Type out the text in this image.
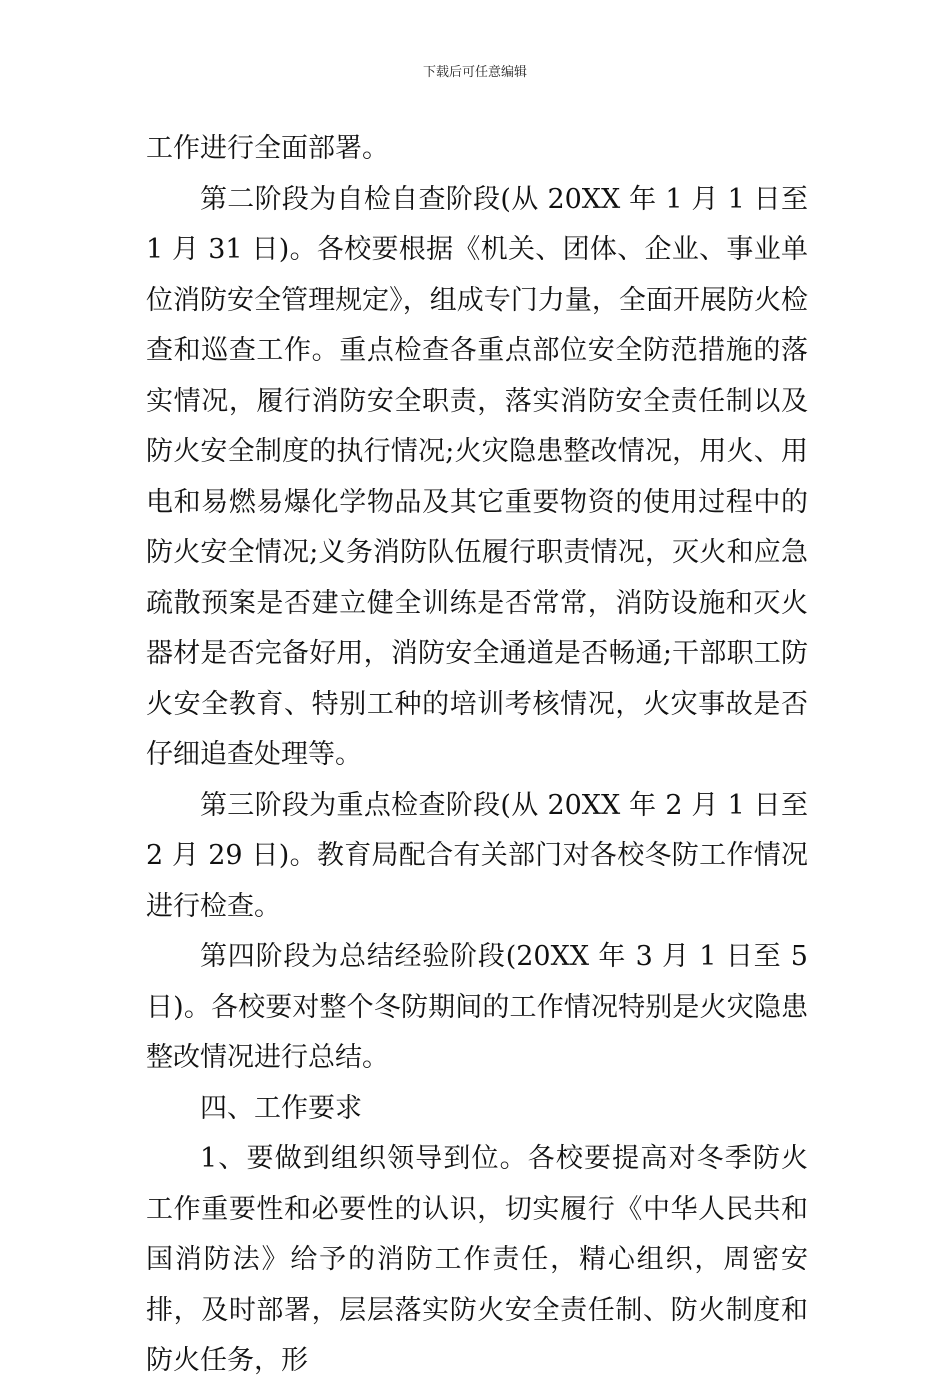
下载后可任意编辑

工作进行全面部署。

第二阶段为自检自查阶段(从 20XX 年 1 月 1 日至 1 月 31 日)。各校要根据《机关、团体、企业、事业单位消防安全管理规定》，组成专门力量，全面开展防火检查和巡查工作。重点检查各重点部位安全防范措施的落实情况，履行消防安全职责，落实消防安全责任制以及防火安全制度的执行情况;火灾隐患整改情况，用火、用电和易燃易爆化学物品及其它重要物资的使用过程中的防火安全情况;义务消防队伍履行职责情况，灭火和应急疏散预案是否建立健全训练是否常常，消防设施和灭火器材是否完备好用，消防安全通道是否畅通;干部职工防火安全教育、特别工种的培训考核情况，火灾事故是否仔细追查处理等。

第三阶段为重点检查阶段(从 20XX 年 2 月 1 日至 2 月 29 日)。教育局配合有关部门对各校冬防工作情况进行检查。

第四阶段为总结经验阶段(20XX 年 3 月 1 日至 5 日)。各校要对整个冬防期间的工作情况特别是火灾隐患整改情况进行总结。

四、工作要求

1、要做到组织领导到位。各校要提高对冬季防火工作重要性和必要性的认识，切实履行《中华人民共和国消防法》给予的消防工作责任，精心组织，周密安排，及时部署，层层落实防火安全责任制、防火制度和防火任务，形
